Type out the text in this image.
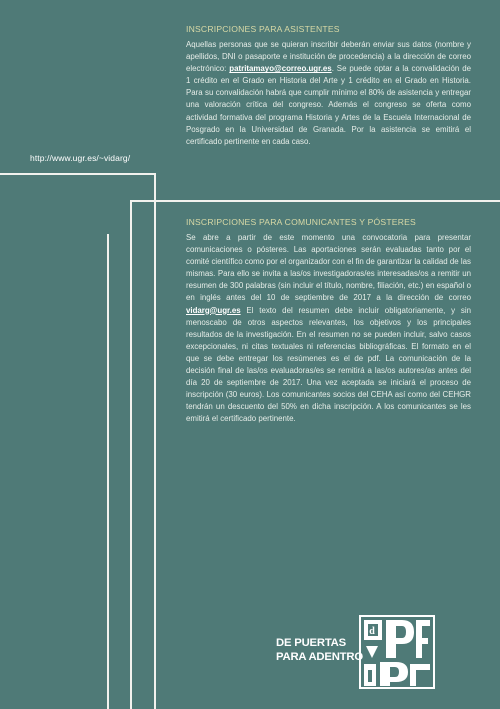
http://www.ugr.es/~vidarg/
INSCRIPCIONES PARA ASISTENTES

Aquellas personas que se quieran inscribir deberán enviar sus datos (nombre y apellidos, DNI o pasaporte e institución de procedencia) a la dirección de correo electrónico: patritamayo@correo.ugr.es. Se puede optar a la convalidación de 1 crédito en el Grado en Historia del Arte y 1 crédito en el Grado en Historia. Para su convalidación habrá que cumplir mínimo el 80% de asistencia y entregar una valoración crítica del congreso. Además el congreso se oferta como actividad formativa del programa Historia y Artes de la Escuela Internacional de Posgrado en la Universidad de Granada. Por la asistencia se emitirá el certificado pertinente en cada caso.

INSCRIPCIONES PARA COMUNICANTES Y PÓSTERES

Se abre a partir de este momento una convocatoria para presentar comunicaciones o pósteres. Las aportaciones serán evaluadas tanto por el comité científico como por el organizador con el fin de garantizar la calidad de las mismas. Para ello se invita a las/os investigadoras/es interesadas/os a remitir un resumen de 300 palabras (sin incluir el título, nombre, filiación, etc.) en español o en inglés antes del 10 de septiembre de 2017 a la dirección de correo vidarg@ugr.es El texto del resumen debe incluir obligatoriamente, y sin menoscabo de otros aspectos relevantes, los objetivos y los principales resultados de la investigación. En el resumen no se pueden incluir, salvo casos excepcionales, ni citas textuales ni referencias bibliográficas. El formato en el que se debe entregar los resúmenes es el de pdf. La comunicación de la decisión final de las/os evaluadoras/es se remitirá a las/os autores/as antes del día 20 de septiembre de 2017. Una vez aceptada se iniciará el proceso de inscripción (30 euros). Los comunicantes socios del CEHA así como del CEHGR tendrán un descuento del 50% en dicha inscripción. A los comunicantes se les emitirá el certificado pertinente.

DE PUERTAS
PARA ADENTRO
d
